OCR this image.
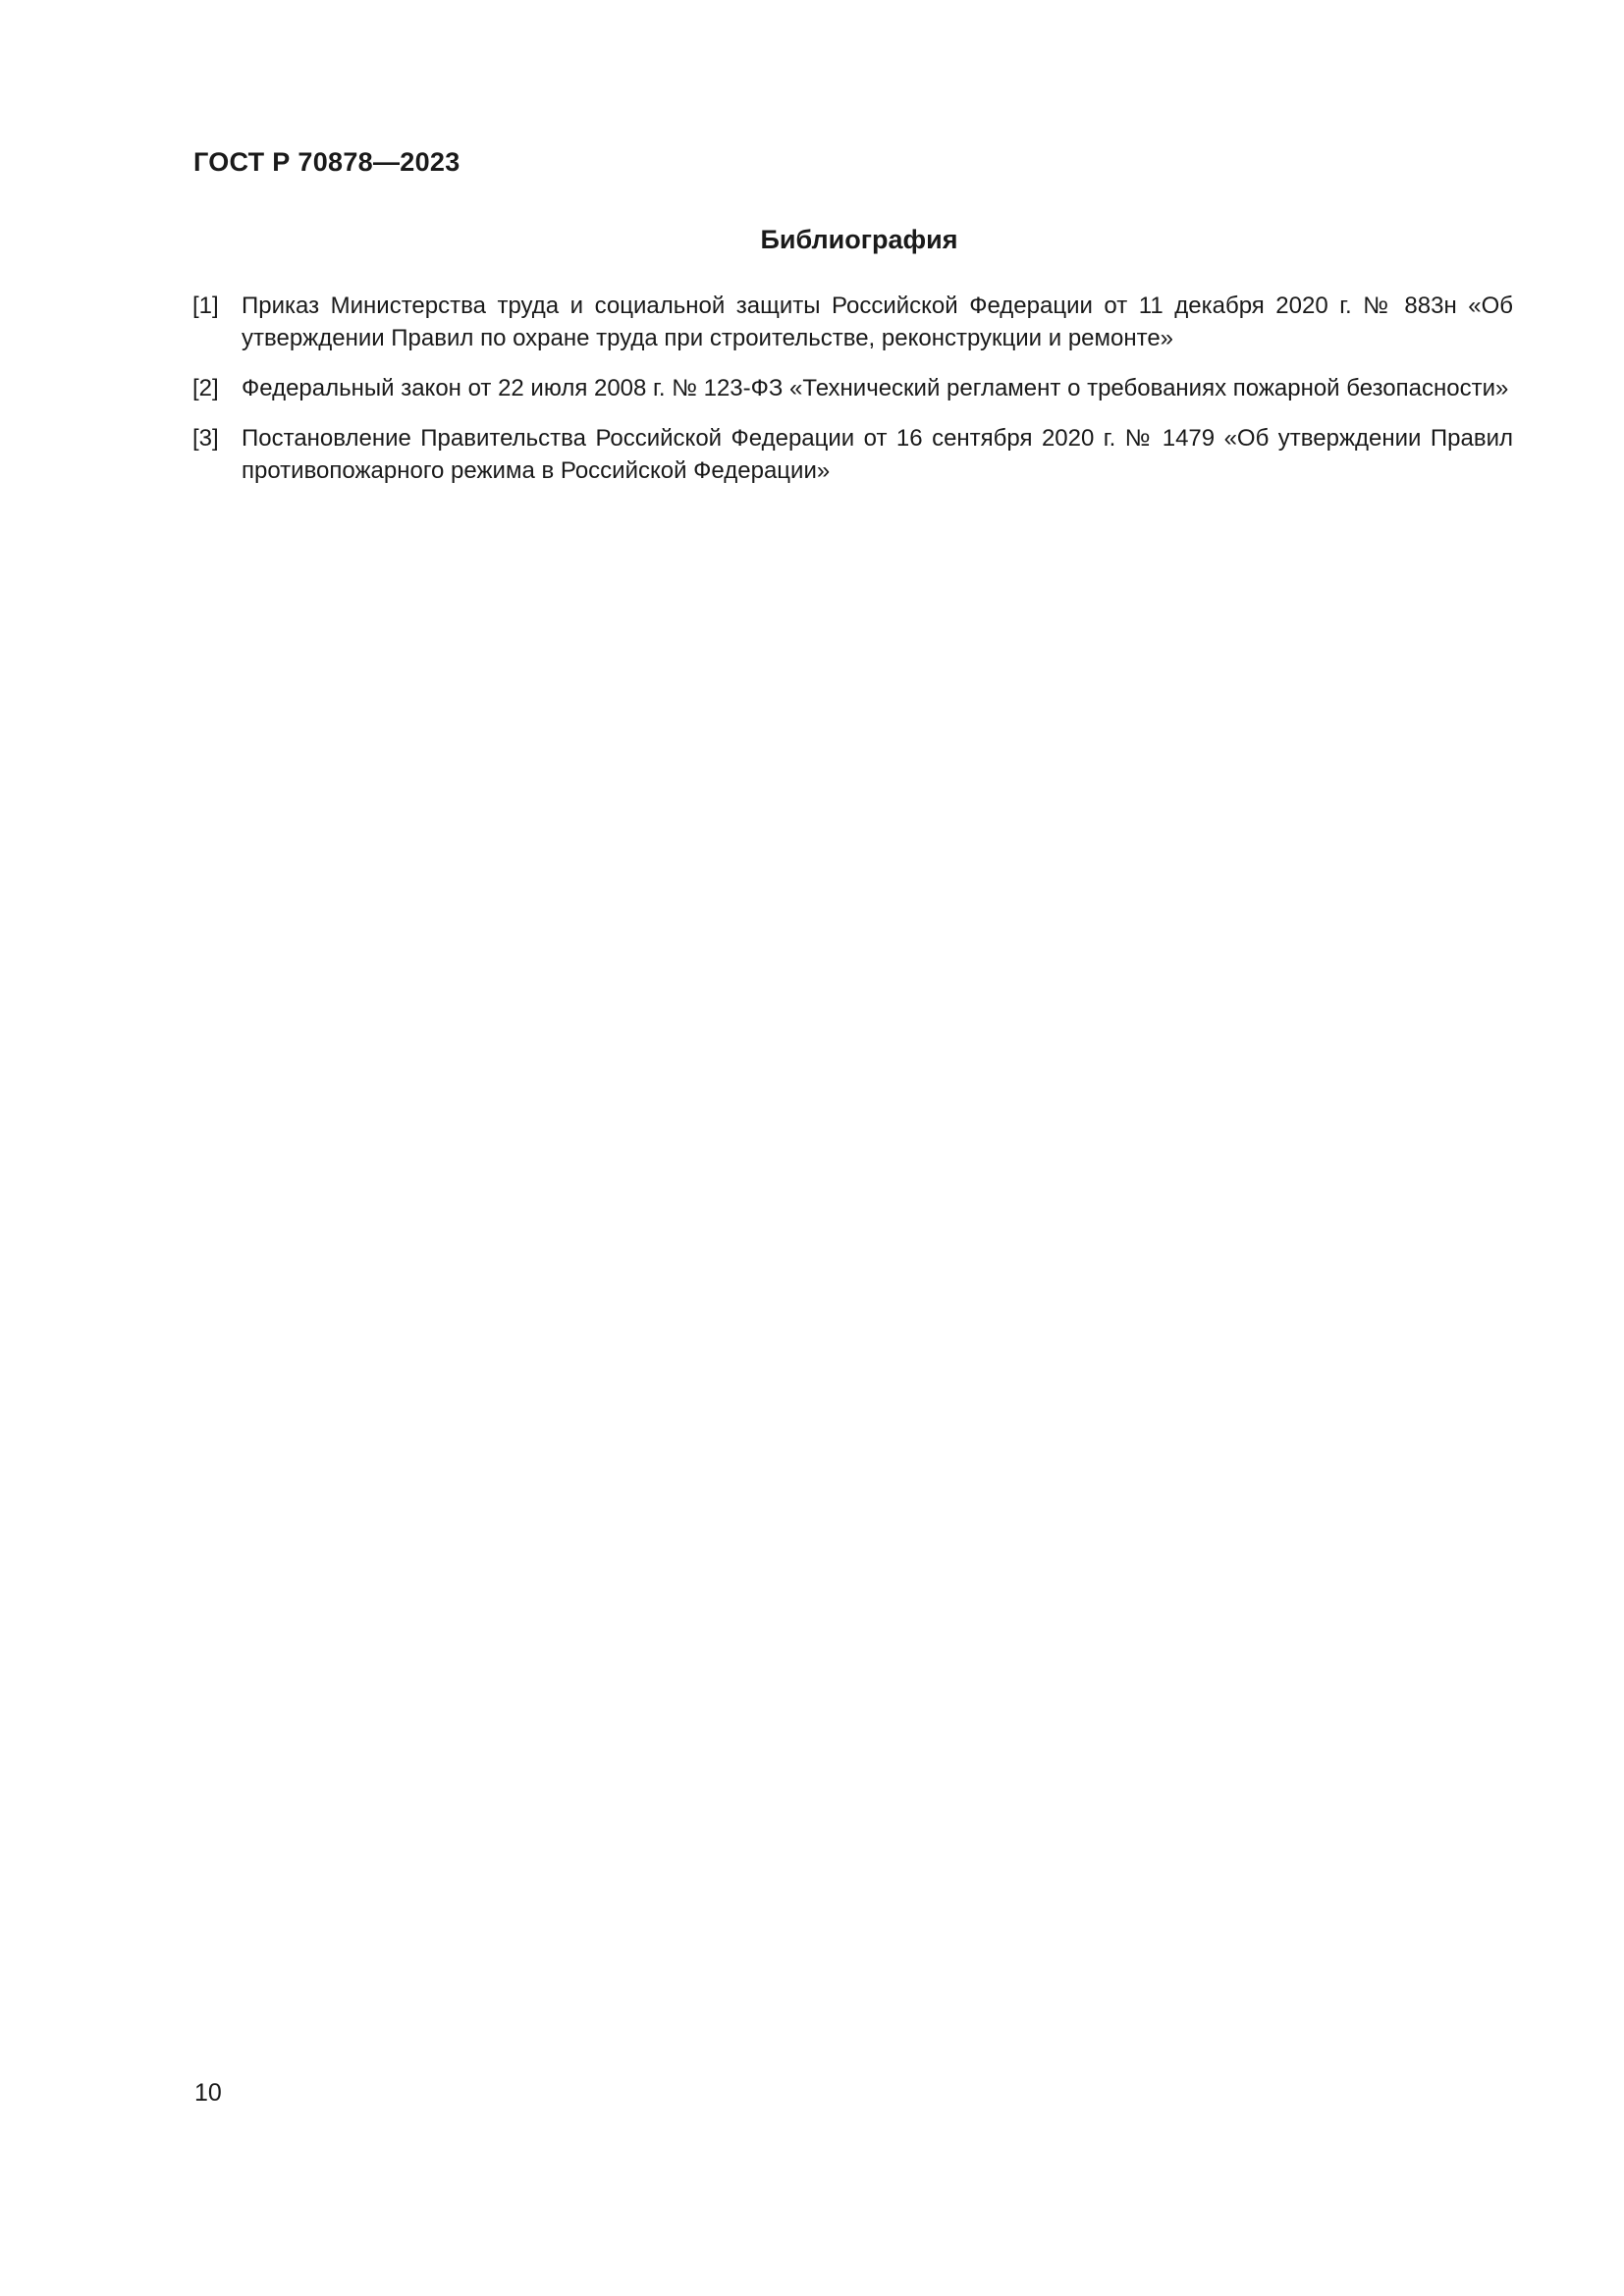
ГОСТ Р 70878—2023
Библиография
[1] Приказ Министерства труда и социальной защиты Российской Федерации от 11 декабря 2020 г. № 883н «Об утверждении Правил по охране труда при строительстве, реконструкции и ремонте»
[2] Федеральный закон от 22 июля 2008 г. № 123-ФЗ «Технический регламент о требованиях пожарной безопасности»
[3] Постановление Правительства Российской Федерации от 16 сентября 2020 г. № 1479 «Об утверждении Правил противопожарного режима в Российской Федерации»
10
